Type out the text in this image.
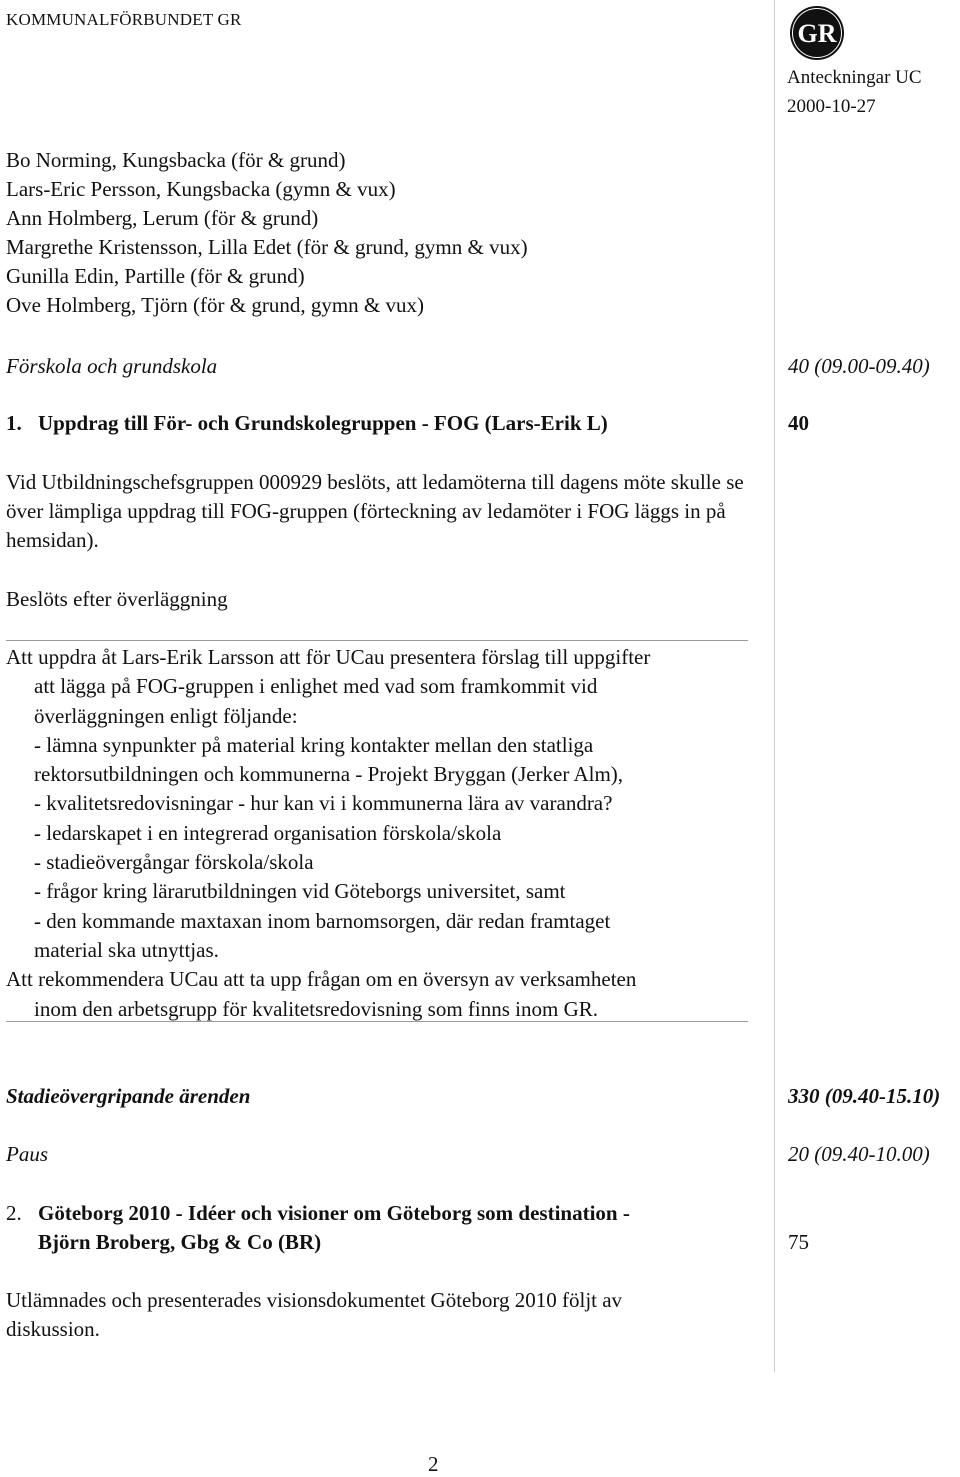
KOMMUNALFÖRBUNDET GR	GR
Anteckningar UC
2000-10-27
Bo Norming, Kungsbacka (för & grund)
Lars-Eric Persson, Kungsbacka (gymn & vux)
Ann Holmberg, Lerum (för & grund)
Margrethe Kristensson, Lilla Edet (för & grund, gymn & vux)
Gunilla Edin, Partille (för & grund)
Ove Holmberg, Tjörn (för & grund, gymn & vux)
Förskola och grundskola	40 (09.00-09.40)
1. Uppdrag till För- och Grundskolegruppen - FOG (Lars-Erik L)	40
Vid Utbildningschefsgruppen 000929 beslöts, att ledamöterna till dagens möte skulle se över lämpliga uppdrag till FOG-gruppen (förteckning av ledamöter i FOG läggs in på hemsidan).
Beslöts efter överläggning
Att uppdra åt Lars-Erik Larsson att för UCau presentera förslag till uppgifter
att lägga på FOG-gruppen i enlighet med vad som framkommit vid
överläggningen enligt följande:
- lämna synpunkter på material kring kontakter mellan den statliga
rektorsutbildningen och kommunerna - Projekt Bryggan (Jerker Alm),
- kvalitetsredovisningar - hur kan vi i kommunerna lära av varandra?
- ledarskapet i en integrerad organisation förskola/skola
- stadieövergångar förskola/skola
- frågor kring lärarutbildningen vid Göteborgs universitet, samt
- den kommande maxtaxan inom barnomsorgen, där redan framtaget
material ska utnyttjas.
Att rekommendera UCau att ta upp frågan om en översyn av verksamheten
inom den arbetsgrupp för kvalitetsredovisning som finns inom GR.
Stadieövergripande ärenden	330 (09.40-15.10)
Paus	20 (09.40-10.00)
2. Göteborg 2010 - Idéer och visioner om Göteborg som destination -
Björn Broberg, Gbg & Co (BR)	75
Utlämnades och presenterades visionsdokumentet Göteborg 2010 följt av diskussion.
2
